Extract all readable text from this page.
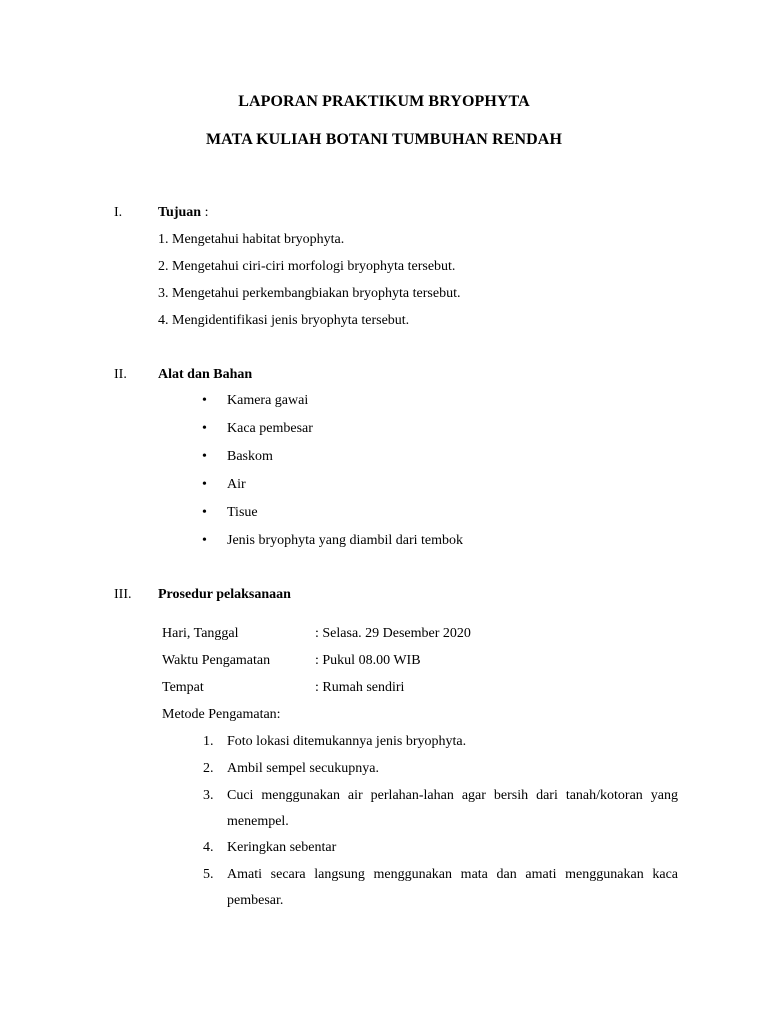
LAPORAN PRAKTIKUM BRYOPHYTA
MATA KULIAH BOTANI TUMBUHAN RENDAH
I.	Tujuan :
1. Mengetahui habitat bryophyta.
2. Mengetahui ciri-ciri morfologi bryophyta tersebut.
3. Mengetahui perkembangbiakan bryophyta tersebut.
4. Mengidentifikasi jenis bryophyta tersebut.
II. Alat dan Bahan
• Kamera gawai
• Kaca pembesar
• Baskom
• Air
• Tisue
• Jenis bryophyta yang diambil dari tembok
III. Prosedur pelaksanaan
Hari, Tanggal	: Selasa. 29 Desember 2020
Waktu Pengamatan	: Pukul 08.00 WIB
Tempat	: Rumah sendiri
Metode Pengamatan:
1. Foto lokasi ditemukannya jenis bryophyta.
2. Ambil sempel secukupnya.
3. Cuci menggunakan air perlahan-lahan agar bersih dari tanah/kotoran yang
menempel.
4. Keringkan sebentar
5. Amati secara langsung menggunakan mata dan amati menggunakan kaca
pembesar.
